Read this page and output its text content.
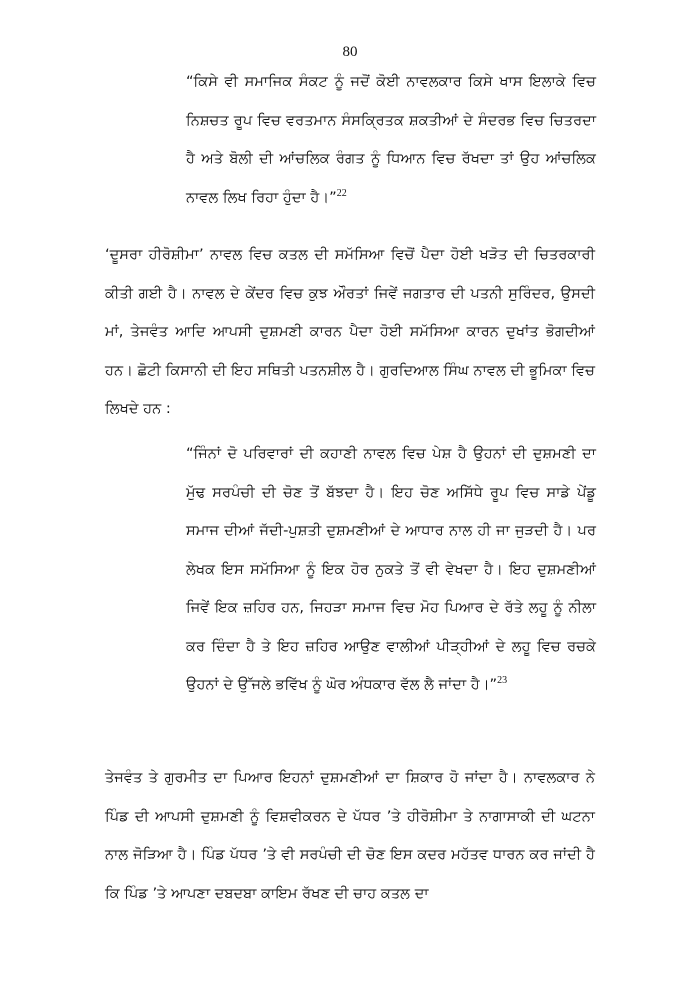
80
“ਕਿਸੇ ਵੀ ਸਮਾਜਿਕ ਸੰਕਟ ਨੂੰ ਜਦੋਂ ਕੋਈ ਨਾਵਲਕਾਰ ਕਿਸੇ ਖਾਸ ਇਲਾਕੇ ਵਿਚ ਨਿਸ਼ਚਤ ਰੂਪ ਵਿਚ ਵਰਤਮਾਨ ਸੰਸਕ੍ਰਿਤਕ ਸ਼ਕਤੀਆਂ ਦੇ ਸੰਦਰਭ ਵਿਚ ਚਿਤਰਦਾ ਹੈ ਅਤੇ ਬੋਲੀ ਦੀ ਆਂਚਲਿਕ ਰੰਗਤ ਨੂੰ ਧਿਆਨ ਵਿਚ ਰੱਖਦਾ ਤਾਂ ਉਹ ਆਂਚਲਿਕ ਨਾਵਲ ਲਿਖ ਰਿਹਾ ਹੁੰਦਾ ਹੈ।”$^{22}$
‘ਦੂਸਰਾ ਹੀਰੋਸ਼ੀਮਾ’ ਨਾਵਲ ਵਿਚ ਕਤਲ ਦੀ ਸਮੱਸਿਆ ਵਿਚੋਂ ਪੈਦਾ ਹੋਈ ਖੜੋਤ ਦੀ ਚਿਤਰਕਾਰੀ ਕੀਤੀ ਗਈ ਹੈ। ਨਾਵਲ ਦੇ ਕੇਂਦਰ ਵਿਚ ਕੁਝ ਔਰਤਾਂ ਜਿਵੇਂ ਜਗਤਾਰ ਦੀ ਪਤਨੀ ਸੁਰਿੰਦਰ, ਉਸਦੀ ਮਾਂ, ਤੇਜਵੰਤ ਆਦਿ ਆਪਸੀ ਦੁਸ਼ਮਣੀ ਕਾਰਨ ਪੈਦਾ ਹੋਈ ਸਮੱਸਿਆ ਕਾਰਨ ਦੁਖਾਂਤ ਭੋਗਦੀਆਂ ਹਨ। ਛੋਟੀ ਕਿਸਾਨੀ ਦੀ ਇਹ ਸਥਿਤੀ ਪਤਨਸ਼ੀਲ ਹੈ। ਗੁਰਦਿਆਲ ਸਿੰਘ ਨਾਵਲ ਦੀ ਭੂਮਿਕਾ ਵਿਚ ਲਿਖਦੇ ਹਨ :
“ਜਿੰਨਾਂ ਦੋ ਪਰਿਵਾਰਾਂ ਦੀ ਕਹਾਣੀ ਨਾਵਲ ਵਿਚ ਪੇਸ਼ ਹੈ ਉਹਨਾਂ ਦੀ ਦੁਸ਼ਮਣੀ ਦਾ ਮੁੱਢ ਸਰਪੰਚੀ ਦੀ ਚੋਣ ਤੋਂ ਬੱਝਦਾ ਹੈ। ਇਹ ਚੋਣ ਅਸਿੱਧੇ ਰੂਪ ਵਿਚ ਸਾਡੇ ਪੇਂਡੂ ਸਮਾਜ ਦੀਆਂ ਜੱਦੀ-ਪੁਸ਼ਤੀ ਦੁਸ਼ਮਣੀਆਂ ਦੇ ਆਧਾਰ ਨਾਲ ਹੀ ਜਾ ਜੁੜਦੀ ਹੈ। ਪਰ ਲੇਖਕ ਇਸ ਸਮੱਸਿਆ ਨੂੰ ਇਕ ਹੋਰ ਨੁਕਤੇ ਤੋਂ ਵੀ ਵੇਖਦਾ ਹੈ। ਇਹ ਦੁਸ਼ਮਣੀਆਂ ਜਿਵੇਂ ਇਕ ਜ਼ਹਿਰ ਹਨ, ਜਿਹੜਾ ਸਮਾਜ ਵਿਚ ਮੋਹ ਪਿਆਰ ਦੇ ਰੱਤੇ ਲਹੂ ਨੂੰ ਨੀਲਾ ਕਰ ਦਿੰਦਾ ਹੈ ਤੇ ਇਹ ਜ਼ਹਿਰ ਆਉਣ ਵਾਲੀਆਂ ਪੀੜ੍ਹੀਆਂ ਦੇ ਲਹੂ ਵਿਚ ਰਚਕੇ ਉਹਨਾਂ ਦੇ ਉੱਜਲੇ ਭਵਿੱਖ ਨੂੰ ਘੋਰ ਅੰਧਕਾਰ ਵੱਲ ਲੈ ਜਾਂਦਾ ਹੈ।”$^{23}$
ਤੇਜਵੰਤ ਤੇ ਗੁਰਮੀਤ ਦਾ ਪਿਆਰ ਇਹਨਾਂ ਦੁਸ਼ਮਣੀਆਂ ਦਾ ਸ਼ਿਕਾਰ ਹੋ ਜਾਂਦਾ ਹੈ। ਨਾਵਲਕਾਰ ਨੇ ਪਿੰਡ ਦੀ ਆਪਸੀ ਦੁਸ਼ਮਣੀ ਨੂੰ ਵਿਸ਼ਵੀਕਰਨ ਦੇ ਪੱਧਰ ’ਤੇ ਹੀਰੋਸ਼ੀਮਾ ਤੇ ਨਾਗਾਸਾਕੀ ਦੀ ਘਟਨਾ ਨਾਲ ਜੋੜਿਆ ਹੈ। ਪਿੰਡ ਪੱਧਰ ’ਤੇ ਵੀ ਸਰਪੰਚੀ ਦੀ ਚੋਣ ਇਸ ਕਦਰ ਮਹੱਤਵ ਧਾਰਨ ਕਰ ਜਾਂਦੀ ਹੈ ਕਿ ਪਿੰਡ ’ਤੇ ਆਪਣਾ ਦਬਦਬਾ ਕਾਇਮ ਰੱਖਣ ਦੀ ਚਾਹ ਕਤਲ ਦਾ
